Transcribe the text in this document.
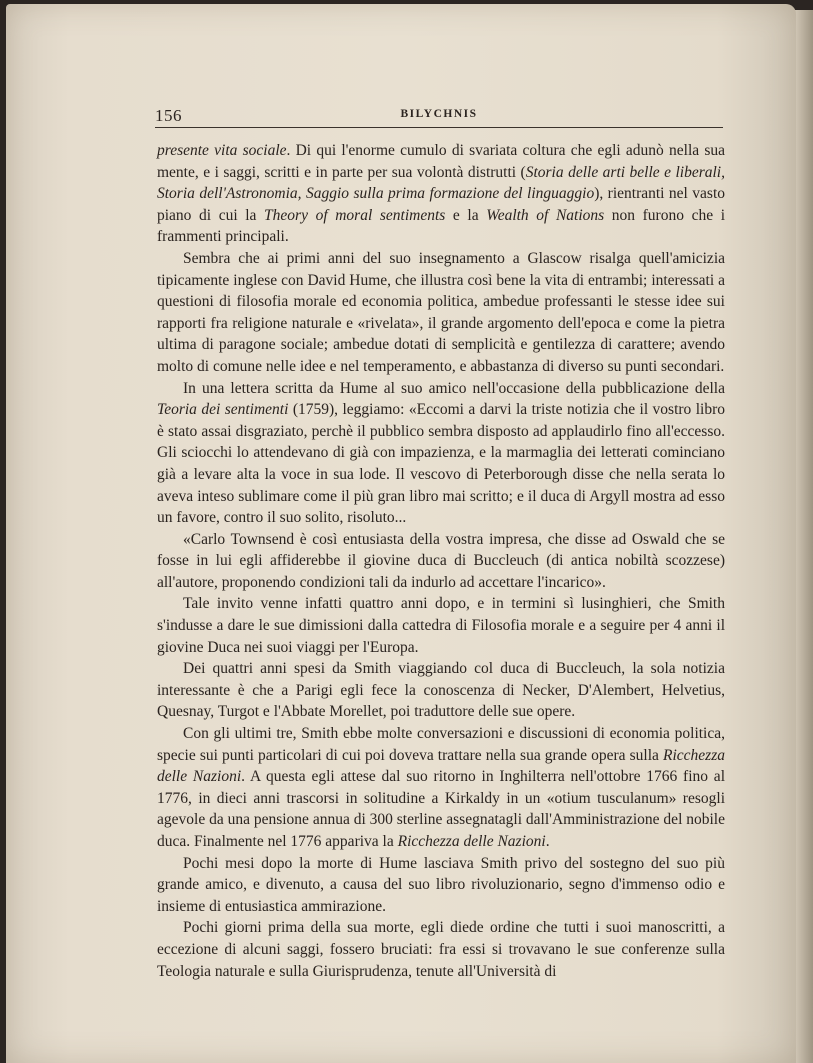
156	BILYCHNIS

presente vita sociale. Di qui l'enorme cumulo di svariata coltura che egli adunò nella sua mente, e i saggi, scritti e in parte per sua volontà distrutti (Storia delle arti belle e liberali, Storia dell'Astronomia, Saggio sulla prima formazione del linguaggio), rientranti nel vasto piano di cui la Theory of moral sentiments e la Wealth of Nations non furono che i frammenti principali.

Sembra che ai primi anni del suo insegnamento a Glascow risalga quell'amicizia tipicamente inglese con David Hume, che illustra così bene la vita di entrambi; interessati a questioni di filosofia morale ed economia politica, ambedue professanti le stesse idee sui rapporti fra religione naturale e «rivelata», il grande argomento dell'epoca e come la pietra ultima di paragone sociale; ambedue dotati di semplicità e gentilezza di carattere; avendo molto di comune nelle idee e nel temperamento, e abbastanza di diverso su punti secondari.

In una lettera scritta da Hume al suo amico nell'occasione della pubblicazione della Teoria dei sentimenti (1759), leggiamo: «Eccomi a darvi la triste notizia che il vostro libro è stato assai disgraziato, perchè il pubblico sembra disposto ad applaudirlo fino all'eccesso. Gli sciocchi lo attendevano di già con impazienza, e la marmaglia dei letterati cominciano già a levare alta la voce in sua lode. Il vescovo di Peterborough disse che nella serata lo aveva inteso sublimare come il più gran libro mai scritto; e il duca di Argyll mostra ad esso un favore, contro il suo solito, risoluto...

«Carlo Townsend è così entusiasta della vostra impresa, che disse ad Oswald che se fosse in lui egli affiderebbe il giovine duca di Buccleuch (di antica nobiltà scozzese) all'autore, proponendo condizioni tali da indurlo ad accettare l'incarico».

Tale invito venne infatti quattro anni dopo, e in termini sì lusinghieri, che Smith s'indusse a dare le sue dimissioni dalla cattedra di Filosofia morale e a seguire per 4 anni il giovine Duca nei suoi viaggi per l'Europa.

Dei quattri anni spesi da Smith viaggiando col duca di Buccleuch, la sola notizia interessante è che a Parigi egli fece la conoscenza di Necker, D'Alembert, Helvetius, Quesnay, Turgot e l'Abbate Morellet, poi traduttore delle sue opere.

Con gli ultimi tre, Smith ebbe molte conversazioni e discussioni di economia politica, specie sui punti particolari di cui poi doveva trattare nella sua grande opera sulla Ricchezza delle Nazioni. A questa egli attese dal suo ritorno in Inghilterra nell'ottobre 1766 fino al 1776, in dieci anni trascorsi in solitudine a Kirkaldy in un «otium tusculanum» resogli agevole da una pensione annua di 300 sterline assegnatagli dall'Amministrazione del nobile duca. Finalmente nel 1776 appariva la Ricchezza delle Nazioni.

Pochi mesi dopo la morte di Hume lasciava Smith privo del sostegno del suo più grande amico, e divenuto, a causa del suo libro rivoluzionario, segno d'immenso odio e insieme di entusiastica ammirazione.

Pochi giorni prima della sua morte, egli diede ordine che tutti i suoi manoscritti, a eccezione di alcuni saggi, fossero bruciati: fra essi si trovavano le sue conferenze sulla Teologia naturale e sulla Giurisprudenza, tenute all'Università di
